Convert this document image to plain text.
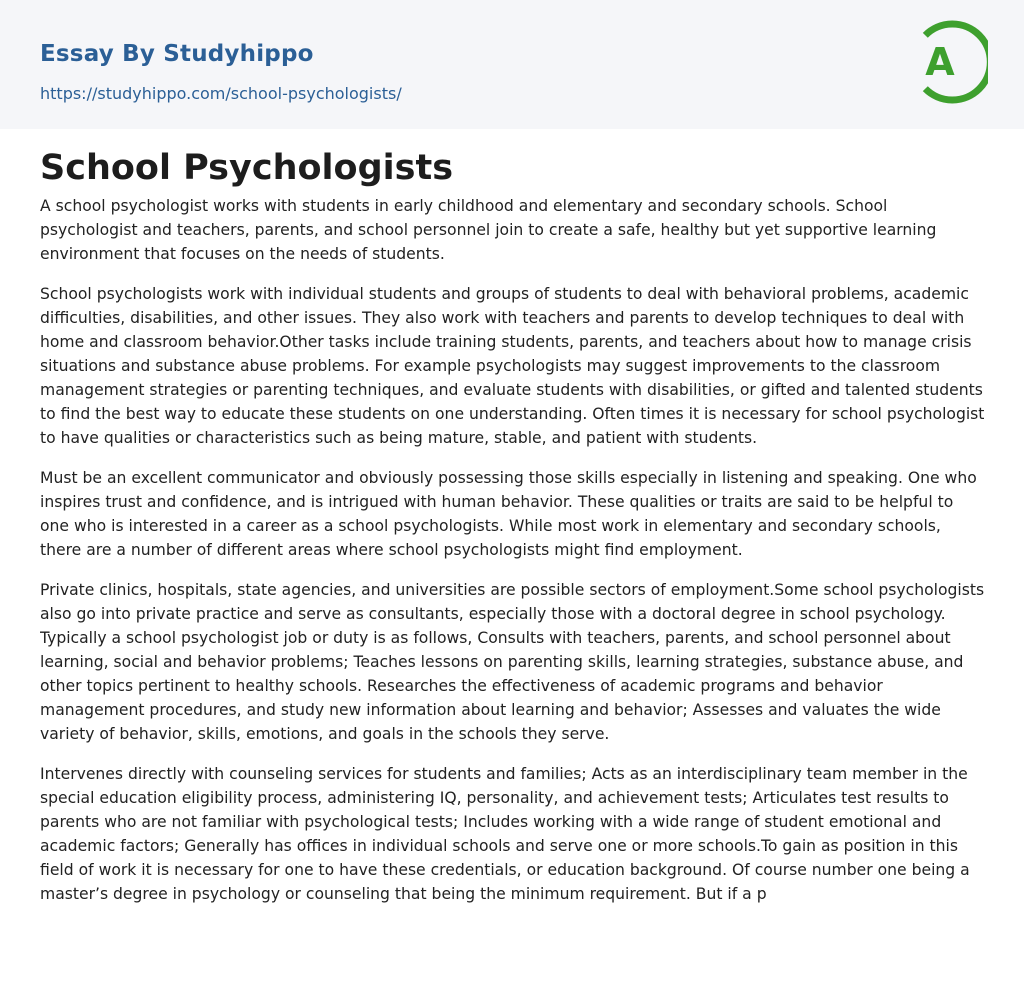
Essay By Studyhippo
https://studyhippo.com/school-psychologists/
A
School Psychologists

A school psychologist works with students in early childhood and elementary and secondary schools. School psychologist and teachers, parents, and school personnel join to create a safe, healthy but yet supportive learning environment that focuses on the needs of students.

School psychologists work with individual students and groups of students to deal with behavioral problems, academic difficulties, disabilities, and other issues. They also work with teachers and parents to develop techniques to deal with home and classroom behavior.Other tasks include training students, parents, and teachers about how to manage crisis situations and substance abuse problems. For example psychologists may suggest improvements to the classroom management strategies or parenting techniques, and evaluate students with disabilities, or gifted and talented students to find the best way to educate these students on one understanding. Often times it is necessary for school psychologist to have qualities or characteristics such as being mature, stable, and patient with students.

Must be an excellent communicator and obviously possessing those skills especially in listening and speaking. One who inspires trust and confidence, and is intrigued with human behavior. These qualities or traits are said to be helpful to one who is interested in a career as a school psychologists. While most work in elementary and secondary schools, there are a number of different areas where school psychologists might find employment.

Private clinics, hospitals, state agencies, and universities are possible sectors of employment.Some school psychologists also go into private practice and serve as consultants, especially those with a doctoral degree in school psychology. Typically a school psychologist job or duty is as follows, Consults with teachers, parents, and school personnel about learning, social and behavior problems; Teaches lessons on parenting skills, learning strategies, substance abuse, and other topics pertinent to healthy schools. Researches the effectiveness of academic programs and behavior management procedures, and study new information about learning and behavior; Assesses and valuates the wide variety of behavior, skills, emotions, and goals in the schools they serve.

Intervenes directly with counseling services for students and families; Acts as an interdisciplinary team member in the special education eligibility process, administering IQ, personality, and achievement tests; Articulates test results to parents who are not familiar with psychological tests; Includes working with a wide range of student emotional and academic factors; Generally has offices in individual schools and serve one or more schools.To gain as position in this field of work it is necessary for one to have these credentials, or education background. Of course number one being a master’s degree in psychology or counseling that being the minimum requirement. But if a p
